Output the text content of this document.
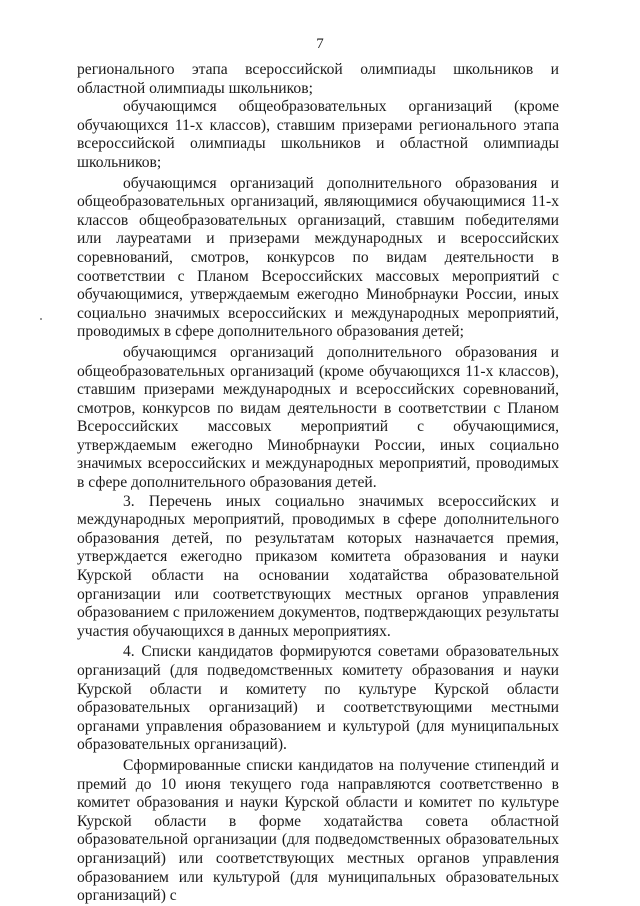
7

регионального этапа всероссийской олимпиады школьников и областной олимпиады школьников;

обучающимся общеобразовательных организаций (кроме обучающихся 11-х классов), ставшим призерами регионального этапа всероссийской олимпиады школьников и областной олимпиады школьников;

обучающимся организаций дополнительного образования и общеобразовательных организаций, являющимися обучающимися 11-х классов общеобразовательных организаций, ставшим победителями или лауреатами и призерами международных и всероссийских соревнований, смотров, конкурсов по видам деятельности в соответствии с Планом Всероссийских массовых мероприятий с обучающимися, утверждаемым ежегодно Минобрнауки России, иных социально значимых всероссийских и международных мероприятий, проводимых в сфере дополнительного образования детей;

обучающимся организаций дополнительного образования и общеобразовательных организаций (кроме обучающихся 11-х классов), ставшим призерами международных и всероссийских соревнований, смотров, конкурсов по видам деятельности в соответствии с Планом Всероссийских массовых мероприятий с обучающимися, утверждаемым ежегодно Минобрнауки России, иных социально значимых всероссийских и международных мероприятий, проводимых в сфере дополнительного образования детей.

3. Перечень иных социально значимых всероссийских и международных мероприятий, проводимых в сфере дополнительного образования детей, по результатам которых назначается премия, утверждается ежегодно приказом комитета образования и науки Курской области на основании ходатайства образовательной организации или соответствующих местных органов управления образованием с приложением документов, подтверждающих результаты участия обучающихся в данных мероприятиях.

4. Списки кандидатов формируются советами образовательных организаций (для подведомственных комитету образования и науки Курской области и комитету по культуре Курской области образовательных организаций) и соответствующими местными органами управления образованием и культурой (для муниципальных образовательных организаций).

Сформированные списки кандидатов на получение стипендий и премий до 10 июня текущего года направляются соответственно в комитет образования и науки Курской области и комитет по культуре Курской области в форме ходатайства совета областной образовательной организации (для подведомственных образовательных организаций) или соответствующих местных органов управления образованием или культурой (для муниципальных образовательных организаций) с
